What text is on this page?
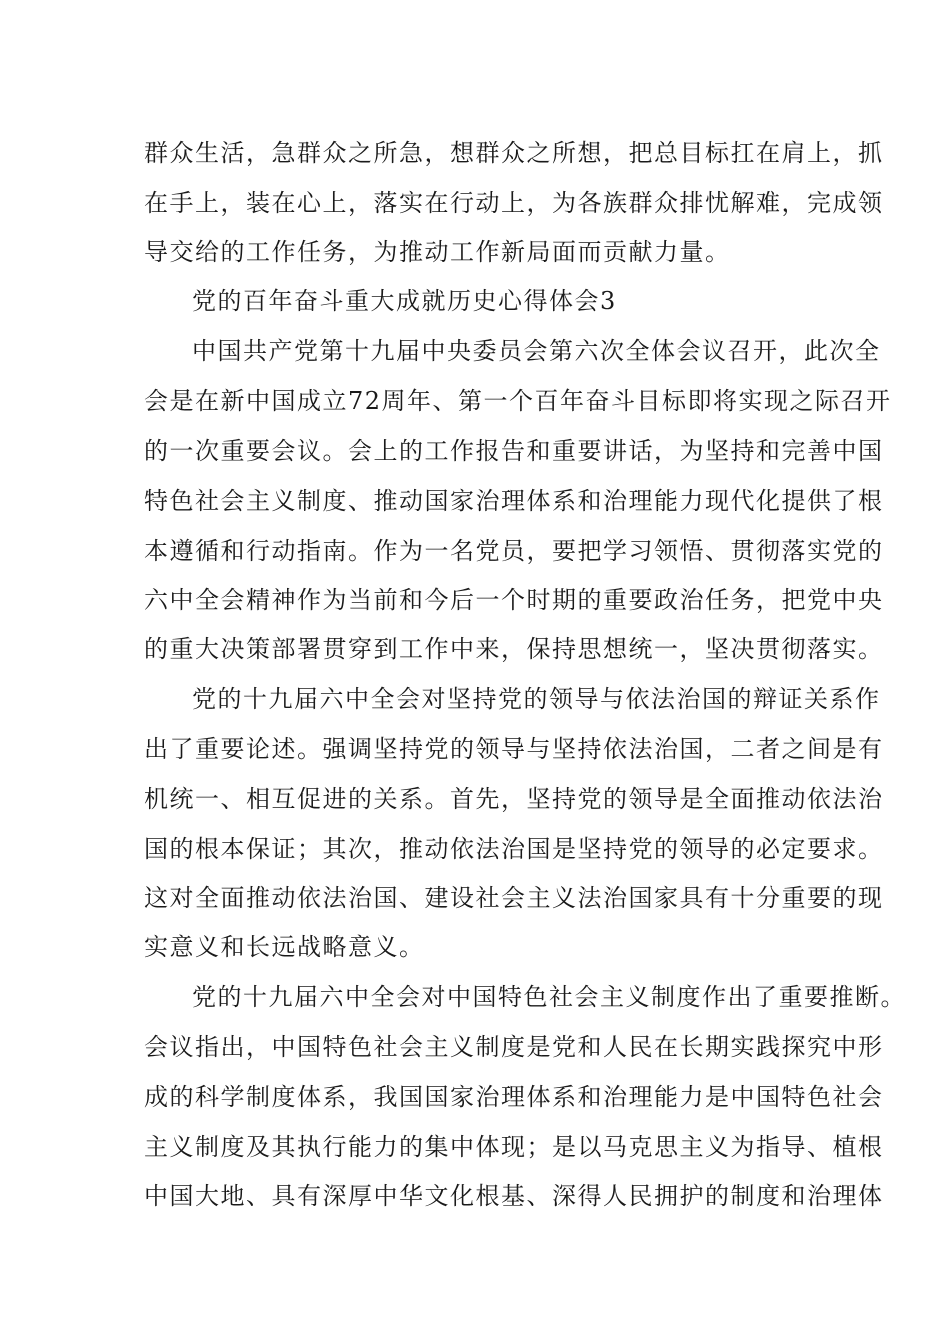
群众生活，急群众之所急，想群众之所想，把总目标扛在肩上，抓
在手上，装在心上，落实在行动上，为各族群众排忧解难，完成领
导交给的工作任务，为推动工作新局面而贡献力量。
党的百年奋斗重大成就历史心得体会3
中国共产党第十九届中央委员会第六次全体会议召开，此次全
会是在新中国成立72周年、第一个百年奋斗目标即将实现之际召开
的一次重要会议。会上的工作报告和重要讲话，为坚持和完善中国
特色社会主义制度、推动国家治理体系和治理能力现代化提供了根
本遵循和行动指南。作为一名党员，要把学习领悟、贯彻落实党的
六中全会精神作为当前和今后一个时期的重要政治任务，把党中央
的重大决策部署贯穿到工作中来，保持思想统一，坚决贯彻落实。
党的十九届六中全会对坚持党的领导与依法治国的辩证关系作
出了重要论述。强调坚持党的领导与坚持依法治国，二者之间是有
机统一、相互促进的关系。首先，坚持党的领导是全面推动依法治
国的根本保证；其次，推动依法治国是坚持党的领导的必定要求。
这对全面推动依法治国、建设社会主义法治国家具有十分重要的现
实意义和长远战略意义。
党的十九届六中全会对中国特色社会主义制度作出了重要推断。
会议指出，中国特色社会主义制度是党和人民在长期实践探究中形
成的科学制度体系，我国国家治理体系和治理能力是中国特色社会
主义制度及其执行能力的集中体现；是以马克思主义为指导、植根
中国大地、具有深厚中华文化根基、深得人民拥护的制度和治理体
